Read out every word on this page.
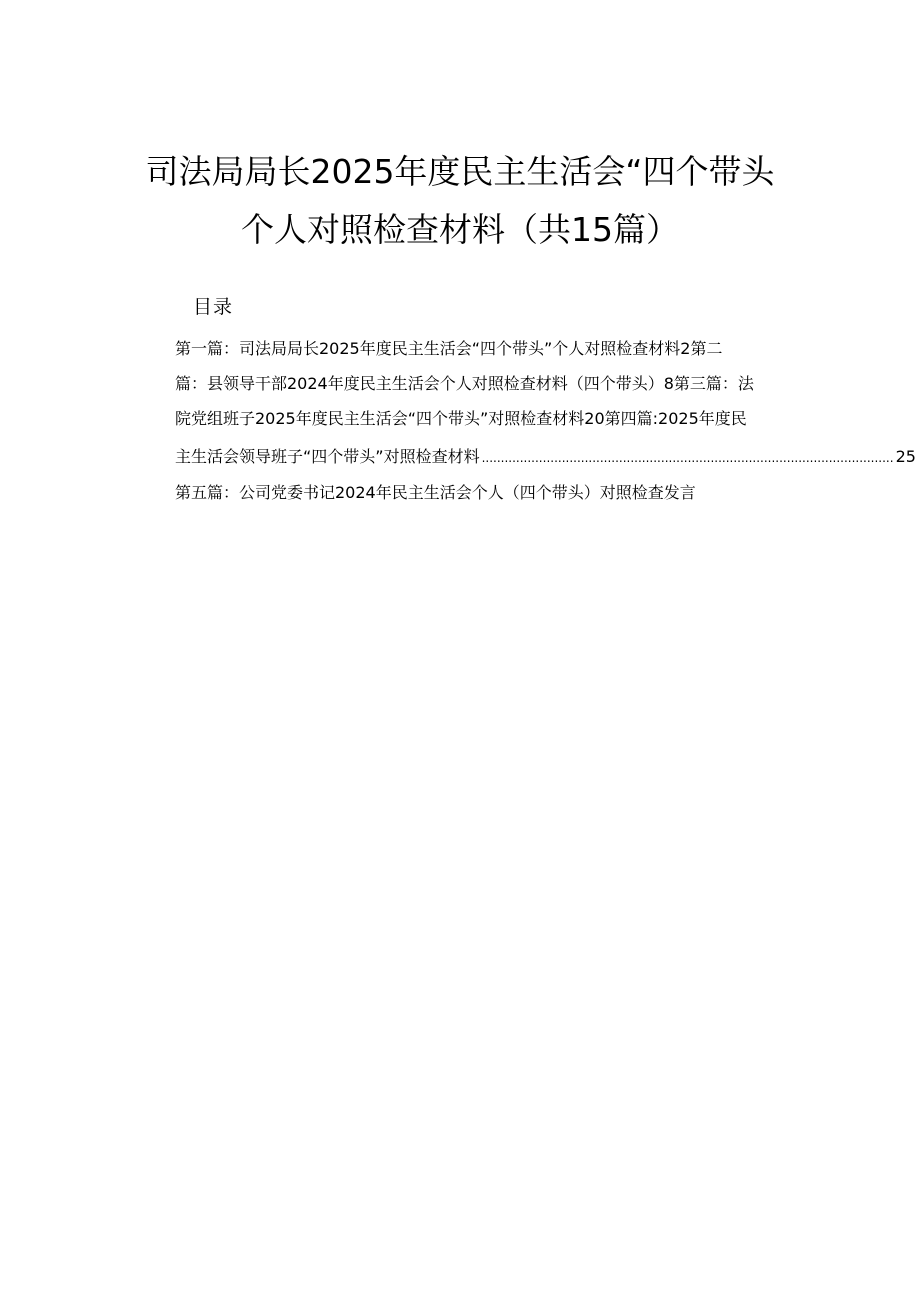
司法局局长2025年度民主生活会“四个带头
个人对照检查材料（共15篇）
目录
第一篇：司法局局长2025年度民主生活会“四个带头”个人对照检查材料2第二
篇：县领导干部2024年度民主生活会个人对照检查材料（四个带头）8第三篇：法
院党组班子2025年度民主生活会“四个带头”对照检查材料20第四篇:2025年度民
主生活会领导班子“四个带头”对照检查材料 ............................................................................................................ 25
第五篇：公司党委书记2024年民主生活会个人（四个带头）对照检查发言
